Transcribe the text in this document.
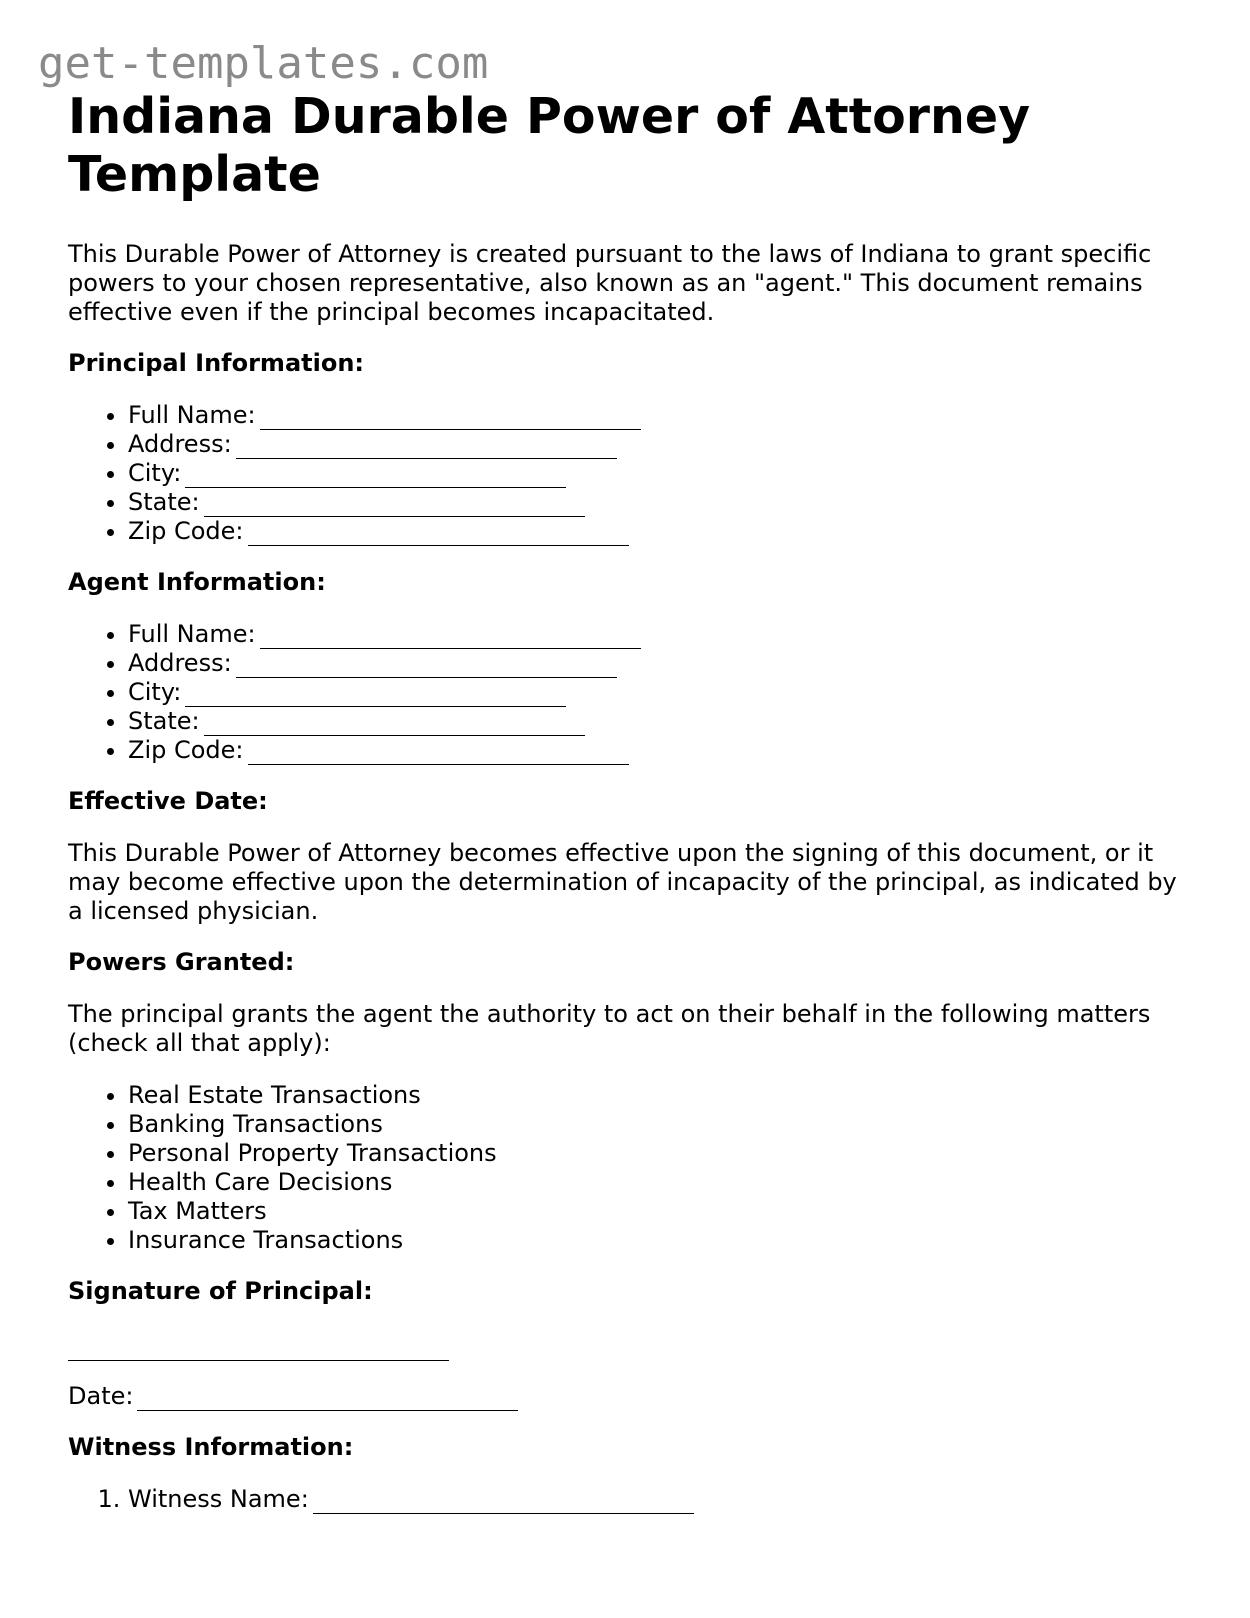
get-templates.com
Indiana Durable Power of Attorney Template

This Durable Power of Attorney is created pursuant to the laws of Indiana to grant specific powers to your chosen representative, also known as an "agent." This document remains effective even if the principal becomes incapacitated.

Principal Information:
• Full Name:
• Address:
• City:
• State:
• Zip Code:
Agent Information:
• Full Name:
• Address:
• City:
• State:
• Zip Code:
Effective Date:

This Durable Power of Attorney becomes effective upon the signing of this document, or it may become effective upon the determination of incapacity of the principal, as indicated by a licensed physician.

Powers Granted:

The principal grants the agent the authority to act on their behalf in the following matters (check all that apply):

• Real Estate Transactions
• Banking Transactions
• Personal Property Transactions
• Health Care Decisions
• Tax Matters
• Insurance Transactions
Signature of Principal:

Date:

Witness Information:
1. Witness Name:
